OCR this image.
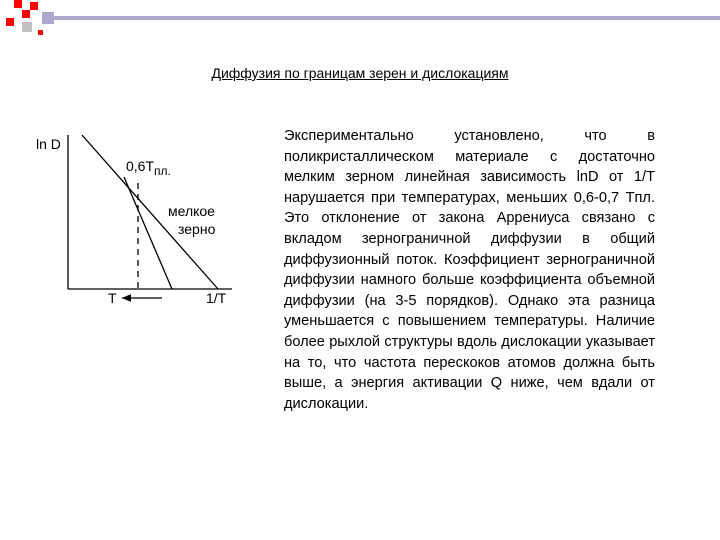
Диффузия по границам зерен и дислокациям
ln D
0,6Tпл.
мелкое
зерно
T	1/T
Экспериментально установлено, что в поликристаллическом материале с достаточно мелким зерном линейная зависимость lnD от 1/T нарушается при температурах, меньших 0,6-0,7 Tпл. Это отклонение от закона Аррениуса связано с вкладом зернограничной диффузии в общий диффузионный поток. Коэффициент зернограничной диффузии намного больше коэффициента объемной диффузии (на 3-5 порядков). Однако эта разница уменьшается с повышением температуры. Наличие более рыхлой структуры вдоль дислокации указывает на то, что частота перескоков атомов должна быть выше, а энергия активации Q ниже, чем вдали от дислокации.
